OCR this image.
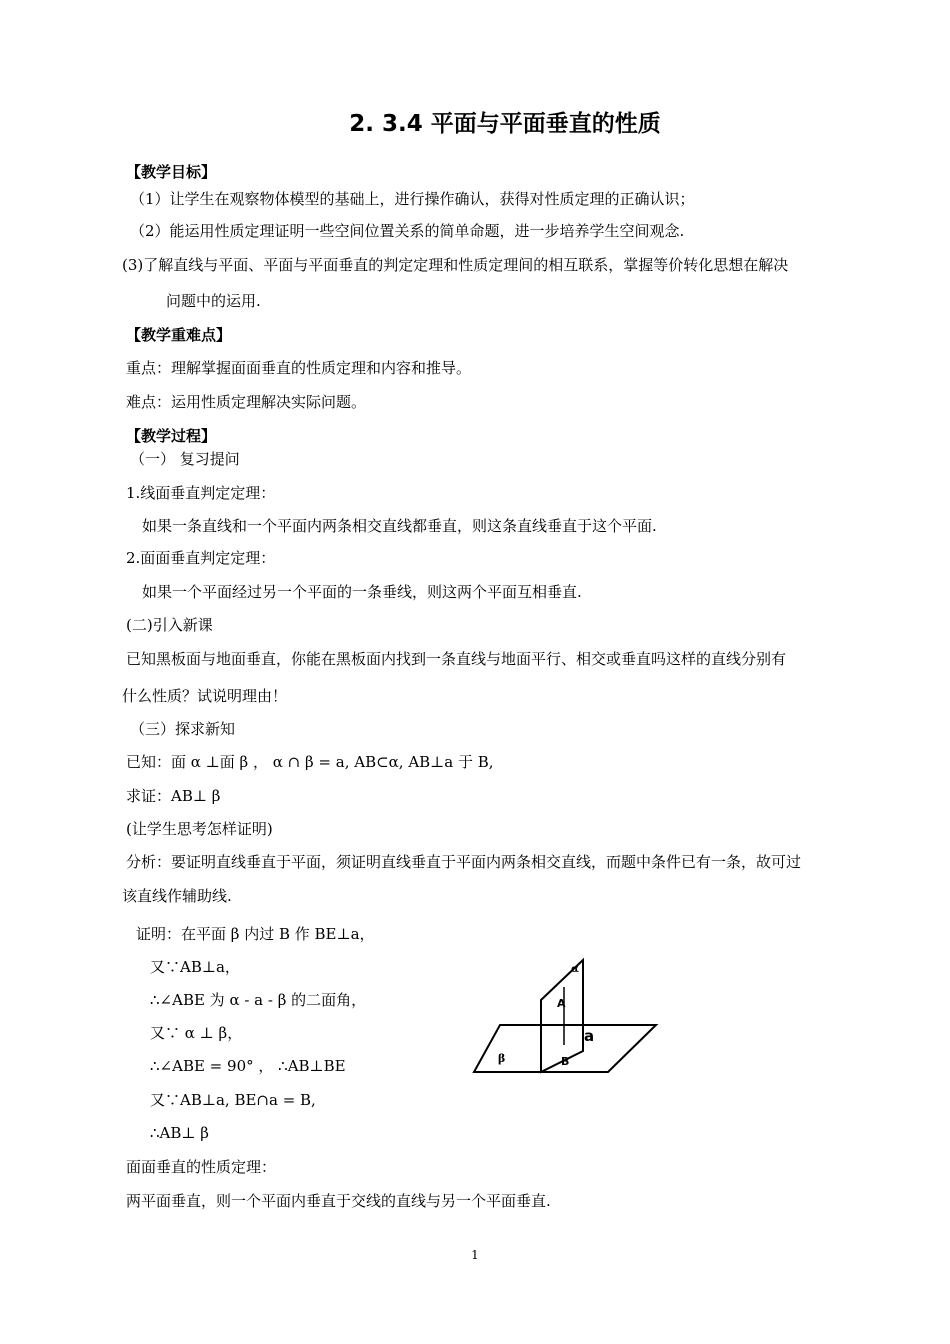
2. 3.4 平面与平面垂直的性质
【教学目标】
（1）让学生在观察物体模型的基础上，进行操作确认，获得对性质定理的正确认识；
（2）能运用性质定理证明一些空间位置关系的简单命题，进一步培养学生空间观念.
(3)了解直线与平面、平面与平面垂直的判定定理和性质定理间的相互联系，掌握等价转化思想在解决
问题中的运用.
【教学重难点】
重点：理解掌握面面垂直的性质定理和内容和推导。
难点：运用性质定理解决实际问题。
【教学过程】
（一） 复习提问
1.线面垂直判定定理：
如果一条直线和一个平面内两条相交直线都垂直，则这条直线垂直于这个平面.
2.面面垂直判定定理：
如果一个平面经过另一个平面的一条垂线，则这两个平面互相垂直.
(二)引入新课
已知黑板面与地面垂直，你能在黑板面内找到一条直线与地面平行、相交或垂直吗这样的直线分别有
什么性质？试说明理由！
（三）探求新知
已知：面 α ⊥面 β ， α ∩ β = a, AB⊂α, AB⊥a 于 B,
求证：AB⊥ β
(让学生思考怎样证明)
分析：要证明直线垂直于平面，须证明直线垂直于平面内两条相交直线，而题中条件已有一条，故可过
该直线作辅助线.
证明：在平面 β 内过 B 作 BE⊥a，
又∵AB⊥a，
∴∠ABE 为 α - a - β 的二面角，
又∵ α ⊥ β，
∴∠ABE = 90° ， ∴AB⊥BE
又∵AB⊥a, BE∩a = B,
∴AB⊥ β
面面垂直的性质定理：
两平面垂直，则一个平面内垂直于交线的直线与另一个平面垂直.
α
A
a
B
β
1
